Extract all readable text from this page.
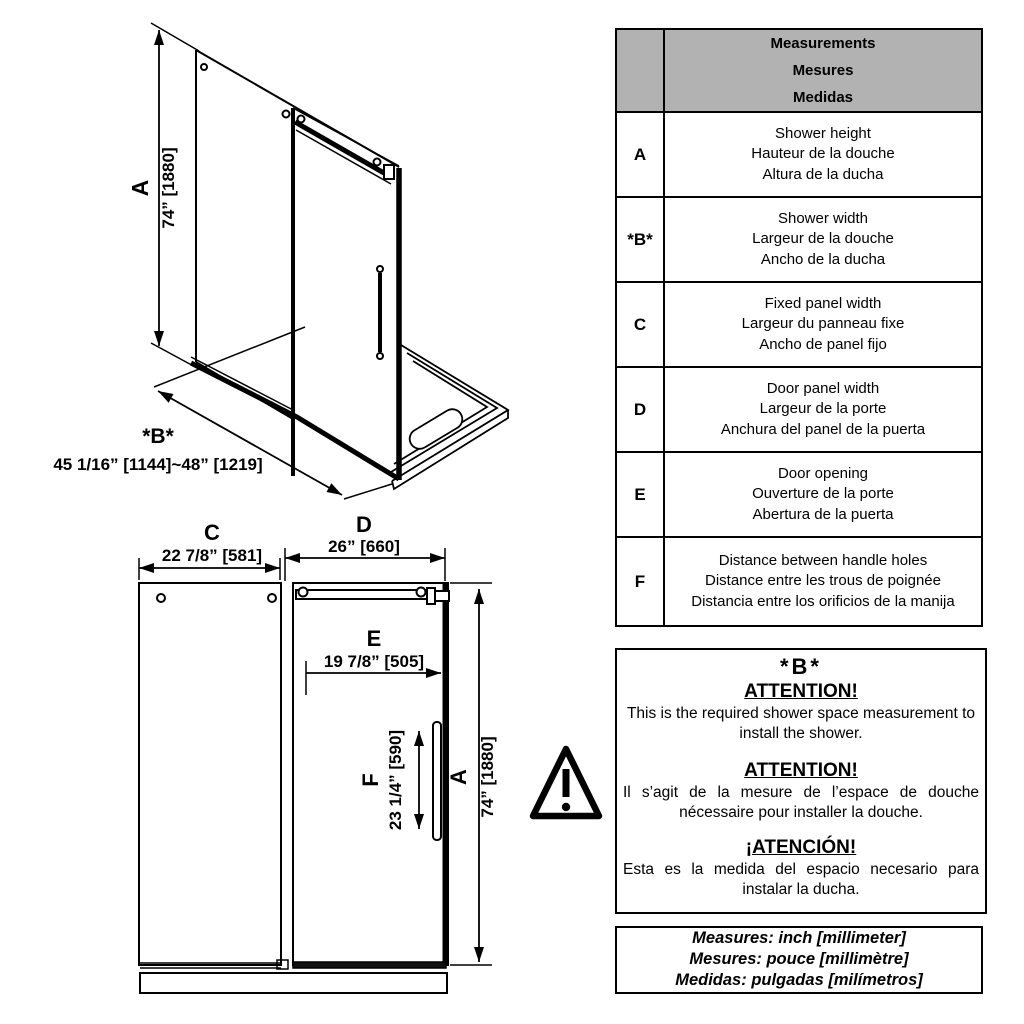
A 74” [1880]
*B*
45 1/16” [1144]~48” [1219]
C
22 7/8” [581]
D
26” [660]
E
19 7/8” [505]
F 23 1/4” [590] A 74” [1880]

	Measurements
Mesures
Medidas

A	Shower height
Hauteur de la douche
Altura de la ducha

*B*	Shower width
Largeur de la douche
Ancho de la ducha

C	Fixed panel width
Largeur du panneau fixe
Ancho de panel fijo

D	Door panel width
Largeur de la porte
Anchura del panel de la puerta

E	Door opening
Ouverture de la porte
Abertura de la puerta

F	Distance between handle holes
Distance entre les trous de poignée
Distancia entre los orificios de la manija
*B*
ATTENTION!
This is the required shower space measurement to install the shower.
ATTENTION!
Il s’agit de la mesure de l’espace de douche nécessaire pour installer la douche.
¡ATENCIÓN!
Esta es la medida del espacio necesario para instalar la ducha.
Measures: inch [millimeter]
Mesures: pouce [millimètre]
Medidas: pulgadas [milímetros]
